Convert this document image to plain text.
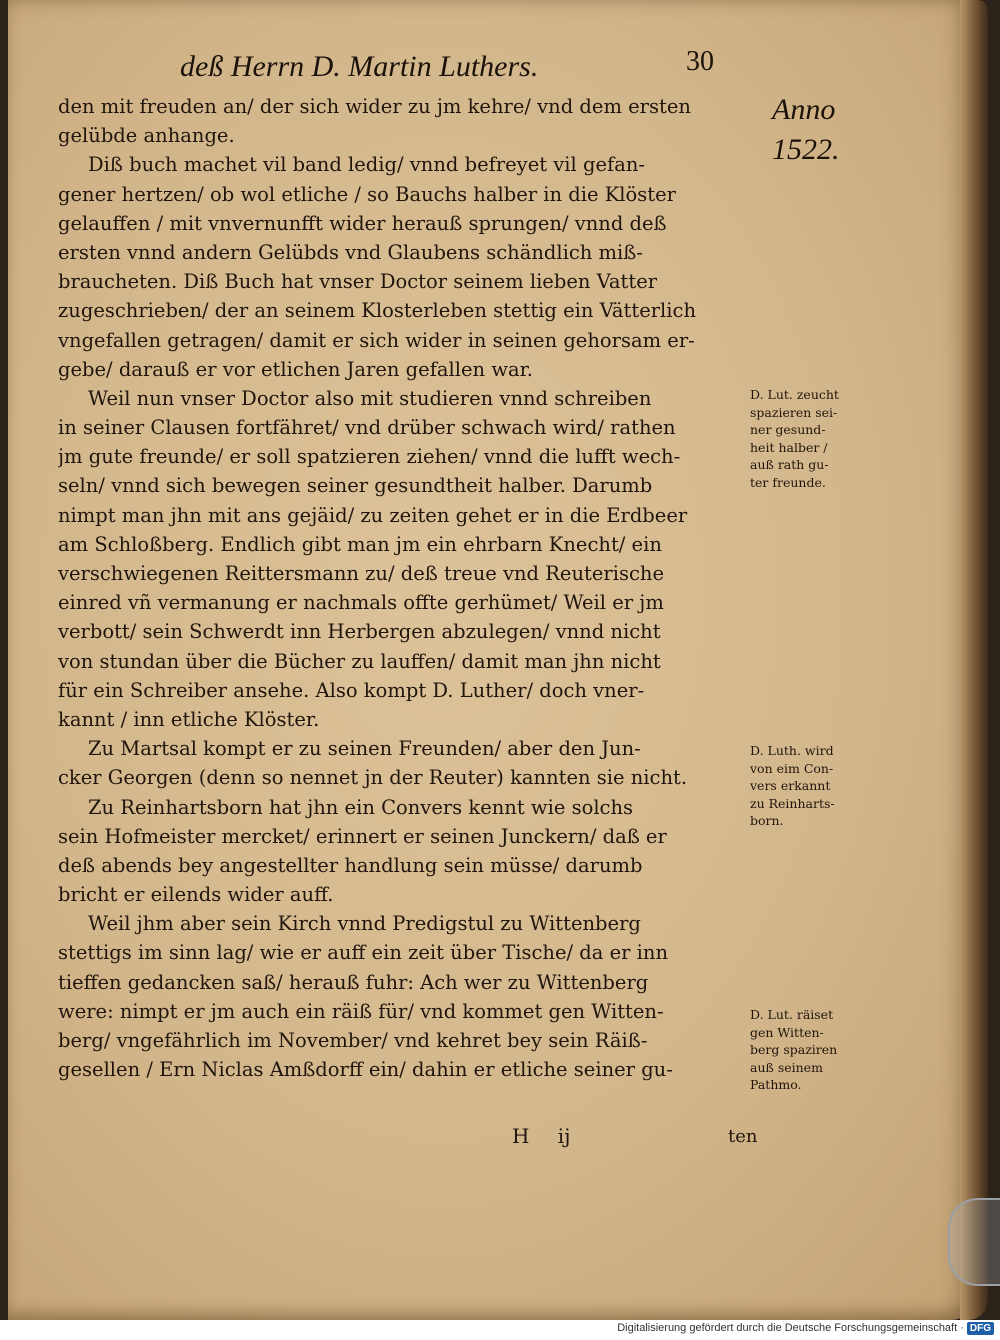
deß Herrn D. Martin Luthers.	30
Anno
1522.
den mit freuden an/ der sich wider zu jm kehre/ vnd dem ersten
gelübde anhange.
Diß buch machet vil band ledig/ vnnd befreyet vil gefan-
gener hertzen/ ob wol etliche / so Bauchs halber in die Klöster
gelauffen / mit vnvernunfft wider herauß sprungen/ vnnd deß
ersten vnnd andern Gelübds vnd Glaubens schändlich miß-
braucheten. Diß Buch hat vnser Doctor seinem lieben Vatter
zugeschrieben/ der an seinem Klosterleben stettig ein Vätterlich
vngefallen getragen/ damit er sich wider in seinen gehorsam er-
gebe/ darauß er vor etlichen Jaren gefallen war.
Weil nun vnser Doctor also mit studieren vnnd schreiben
in seiner Clausen fortfähret/ vnd drüber schwach wird/ rathen
jm gute freunde/ er soll spatzieren ziehen/ vnnd die lufft wech-
seln/ vnnd sich bewegen seiner gesundtheit halber. Darumb
nimpt man jhn mit ans gejäid/ zu zeiten gehet er in die Erdbeer
am Schloßberg. Endlich gibt man jm ein ehrbarn Knecht/ ein
verschwiegenen Reittersmann zu/ deß treue vnd Reuterische
einred vñ vermanung er nachmals offte gerhümet/ Weil er jm
verbott/ sein Schwerdt inn Herbergen abzulegen/ vnnd nicht
von stundan über die Bücher zu lauffen/ damit man jhn nicht
für ein Schreiber ansehe. Also kompt D. Luther/ doch vner-
kannt / inn etliche Klöster.
Zu Martsal kompt er zu seinen Freunden/ aber den Jun-
cker Georgen (denn so nennet jn der Reuter) kannten sie nicht.
Zu Reinhartsborn hat jhn ein Convers kennt wie solchs
sein Hofmeister mercket/ erinnert er seinen Junckern/ daß er
deß abends bey angestellter handlung sein müsse/ darumb
bricht er eilends wider auff.
Weil jhm aber sein Kirch vnnd Predigstul zu Wittenberg
stettigs im sinn lag/ wie er auff ein zeit über Tische/ da er inn
tieffen gedancken saß/ herauß fuhr: Ach wer zu Wittenberg
were: nimpt er jm auch ein räiß für/ vnd kommet gen Witten-
berg/ vngefährlich im November/ vnd kehret bey sein Räiß-
gesellen / Ern Niclas Amßdorff ein/ dahin er etliche seiner gu-
D. Lut. zeucht
spazieren sei-
ner gesund-
heit halber /
auß rath gu-
ter freunde.
D. Luth. wird
von eim Con-
vers erkannt
zu Reinharts-
born.
D. Lut. räiset
gen Witten-
berg spaziren
auß seinem
Pathmo.
H ij	ten
Digitalisierung gefördert durch die Deutsche Forschungsgemeinschaft · DFG
